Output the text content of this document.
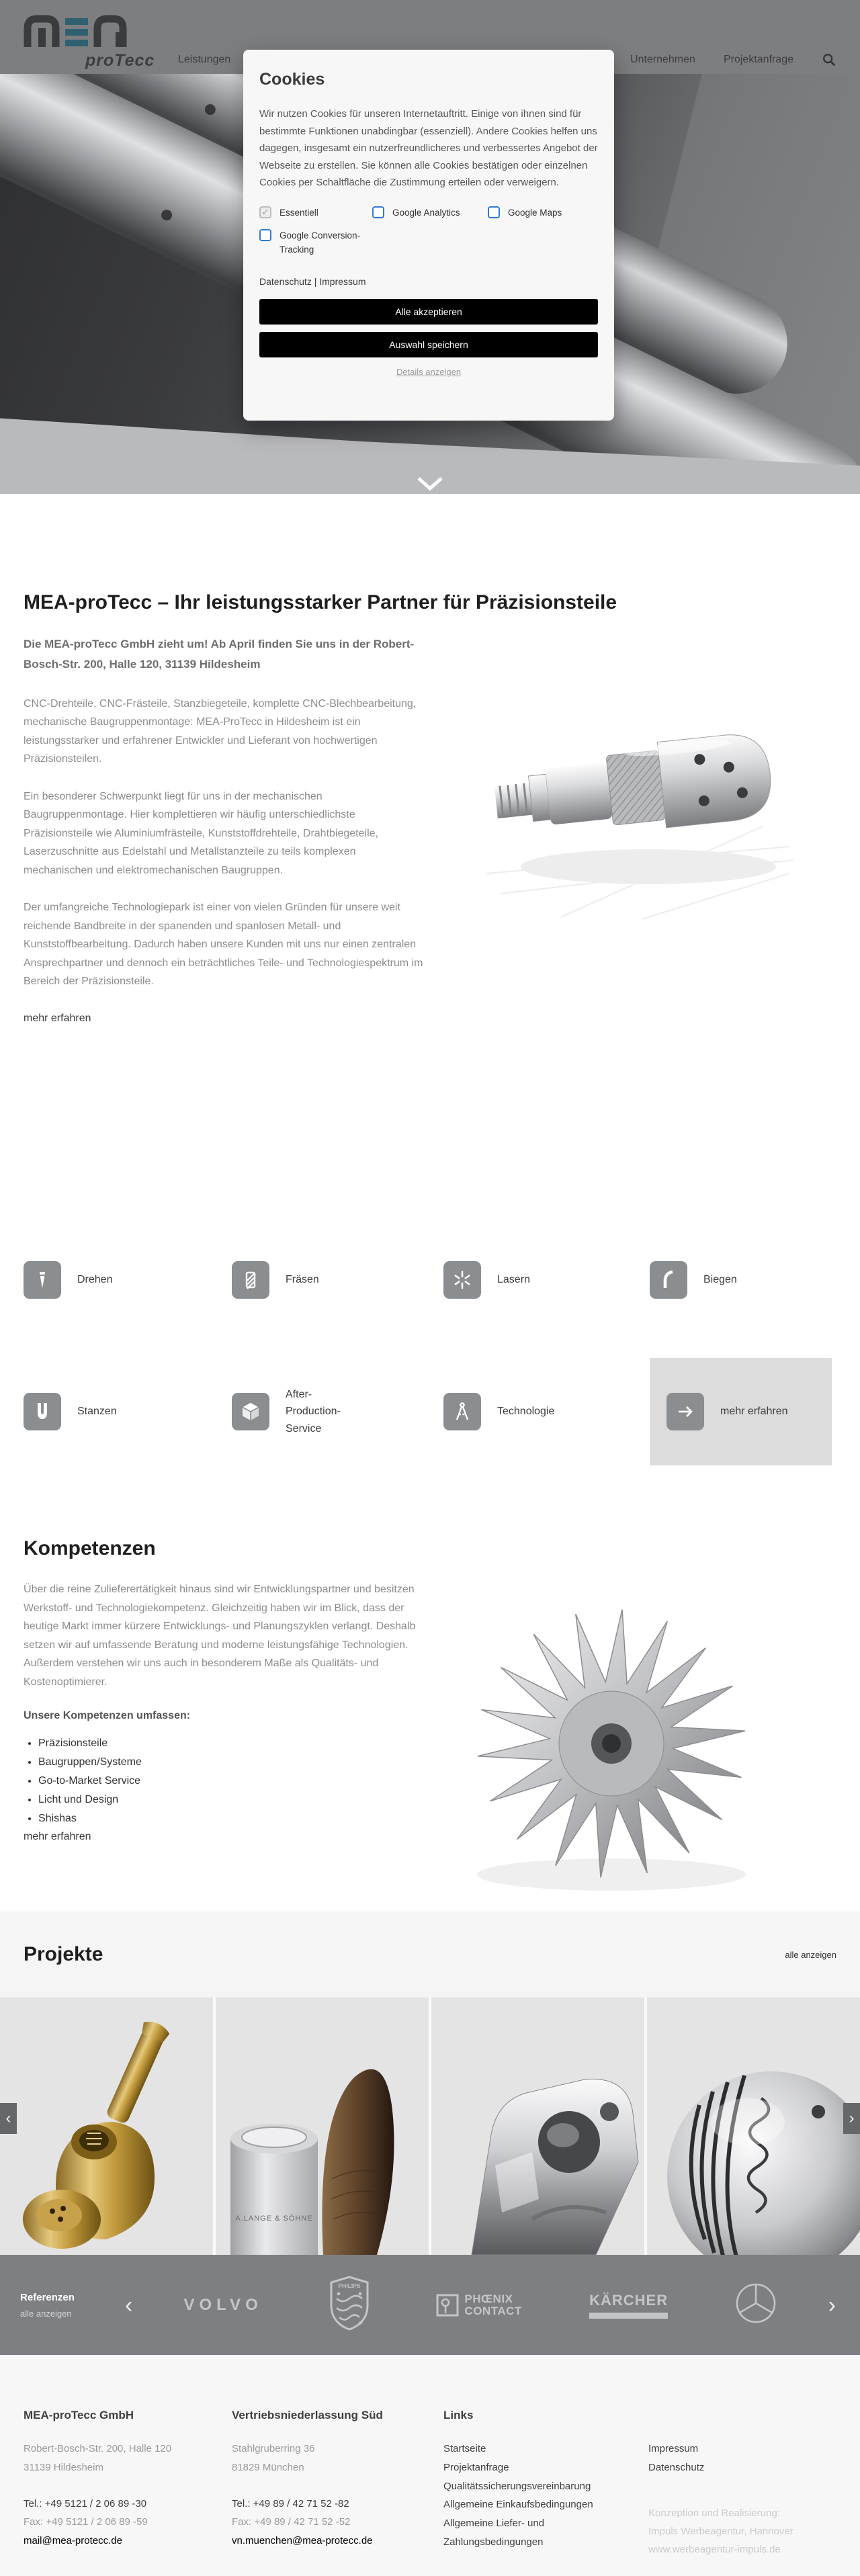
proTecc Leistungen	Unternehmen	Projektanfrage
Cookies
Wir nutzen Cookies für unseren Internetauftritt. Einige von ihnen sind für bestimmte Funktionen unabdingbar (essenziell). Andere Cookies helfen uns dagegen, insgesamt ein nutzerfreundlicheres und verbessertes Angebot der Webseite zu erstellen. Sie können alle Cookies bestätigen oder einzelnen Cookies per Schaltfläche die Zustimmung erteilen oder verweigern.
✓ Essentiell	Google Analytics	Google Maps
Google Conversion-Tracking
Datenschutz | Impressum
Alle akzeptieren
Auswahl speichern
Details anzeigen
MEA-proTecc – Ihr leistungsstarker Partner für Präzisionsteile
Die MEA-proTecc GmbH zieht um! Ab April finden Sie uns in der Robert-Bosch-Str. 200, Halle 120, 31139 Hildesheim

CNC-Drehteile, CNC-Frästeile, Stanzbiegeteile, komplette CNC-Blechbearbeitung, mechanische Baugruppenmontage: MEA-ProTecc in Hildesheim ist ein leistungsstarker und erfahrener Entwickler und Lieferant von hochwertigen Präzisionsteilen.

Ein besonderer Schwerpunkt liegt für uns in der mechanischen Baugruppenmontage. Hier komplettieren wir häufig unterschiedlichste Präzisionsteile wie Aluminiumfrästeile, Kunststoffdrehteile, Drahtbiegeteile, Laserzuschnitte aus Edelstahl und Metallstanzteile zu teils komplexen mechanischen und elektromechanischen Baugruppen.

Der umfangreiche Technologiepark ist einer von vielen Gründen für unsere weit reichende Bandbreite in der spanenden und spanlosen Metall- und Kunststoffbearbeitung. Dadurch haben unsere Kunden mit uns nur einen zentralen Ansprechpartner und dennoch ein beträchtliches Teile- und Technologiespektrum im Bereich der Präzisionsteile.

mehr erfahren
Drehen	Fräsen	Lasern	Biegen
Stanzen
After-Production-Service
Technologie	mehr erfahren
Kompetenzen

Über die reine Zulieferertätigkeit hinaus sind wir Entwicklungspartner und besitzen Werkstoff- und Technologiekompetenz. Gleichzeitig haben wir im Blick, dass der heutige Markt immer kürzere Entwicklungs- und Planungszyklen verlangt. Deshalb setzen wir auf umfassende Beratung und moderne leistungsfähige Technologien. Außerdem verstehen wir uns auch in besonderem Maße als Qualitäts- und Kostenoptimierer.

Unsere Kompetenzen umfassen:
• Präzisionsteile
• Baugruppen/Systeme
• Go-to-Market Service
• Licht und Design
• Shishas
mehr erfahren
Projekte	alle anzeigen
‹
A.LANGE & SÖHNE
›
Referenzen
alle anzeigen	‹	VOLVO
PHILIPS
PHŒNIX
CONTACT
KÄRCHER	›
MEA-proTecc GmbH
Robert-Bosch-Str. 200, Halle 120
31139 Hildesheim
Tel.: +49 5121 / 2 06 89 -30
Fax: +49 5121 / 2 06 89 -59
mail@mea-protecc.de
Vertriebsniederlassung Süd
Stahlgruberring 36
81829 München
Tel.: +49 89 / 42 71 52 -82
Fax: +49 89 / 42 71 52 -52
vn.muenchen@mea-protecc.de
Links
Startseite
Projektanfrage
Qualitätssicherungsvereinbarung
Allgemeine Einkaufsbedingungen
Allgemeine Liefer- und Zahlungsbedingungen
Impressum
Datenschutz
Konzeption und Realisierung:
Impuls Werbeagentur, Hannover
www.werbeagentur-impuls.de
